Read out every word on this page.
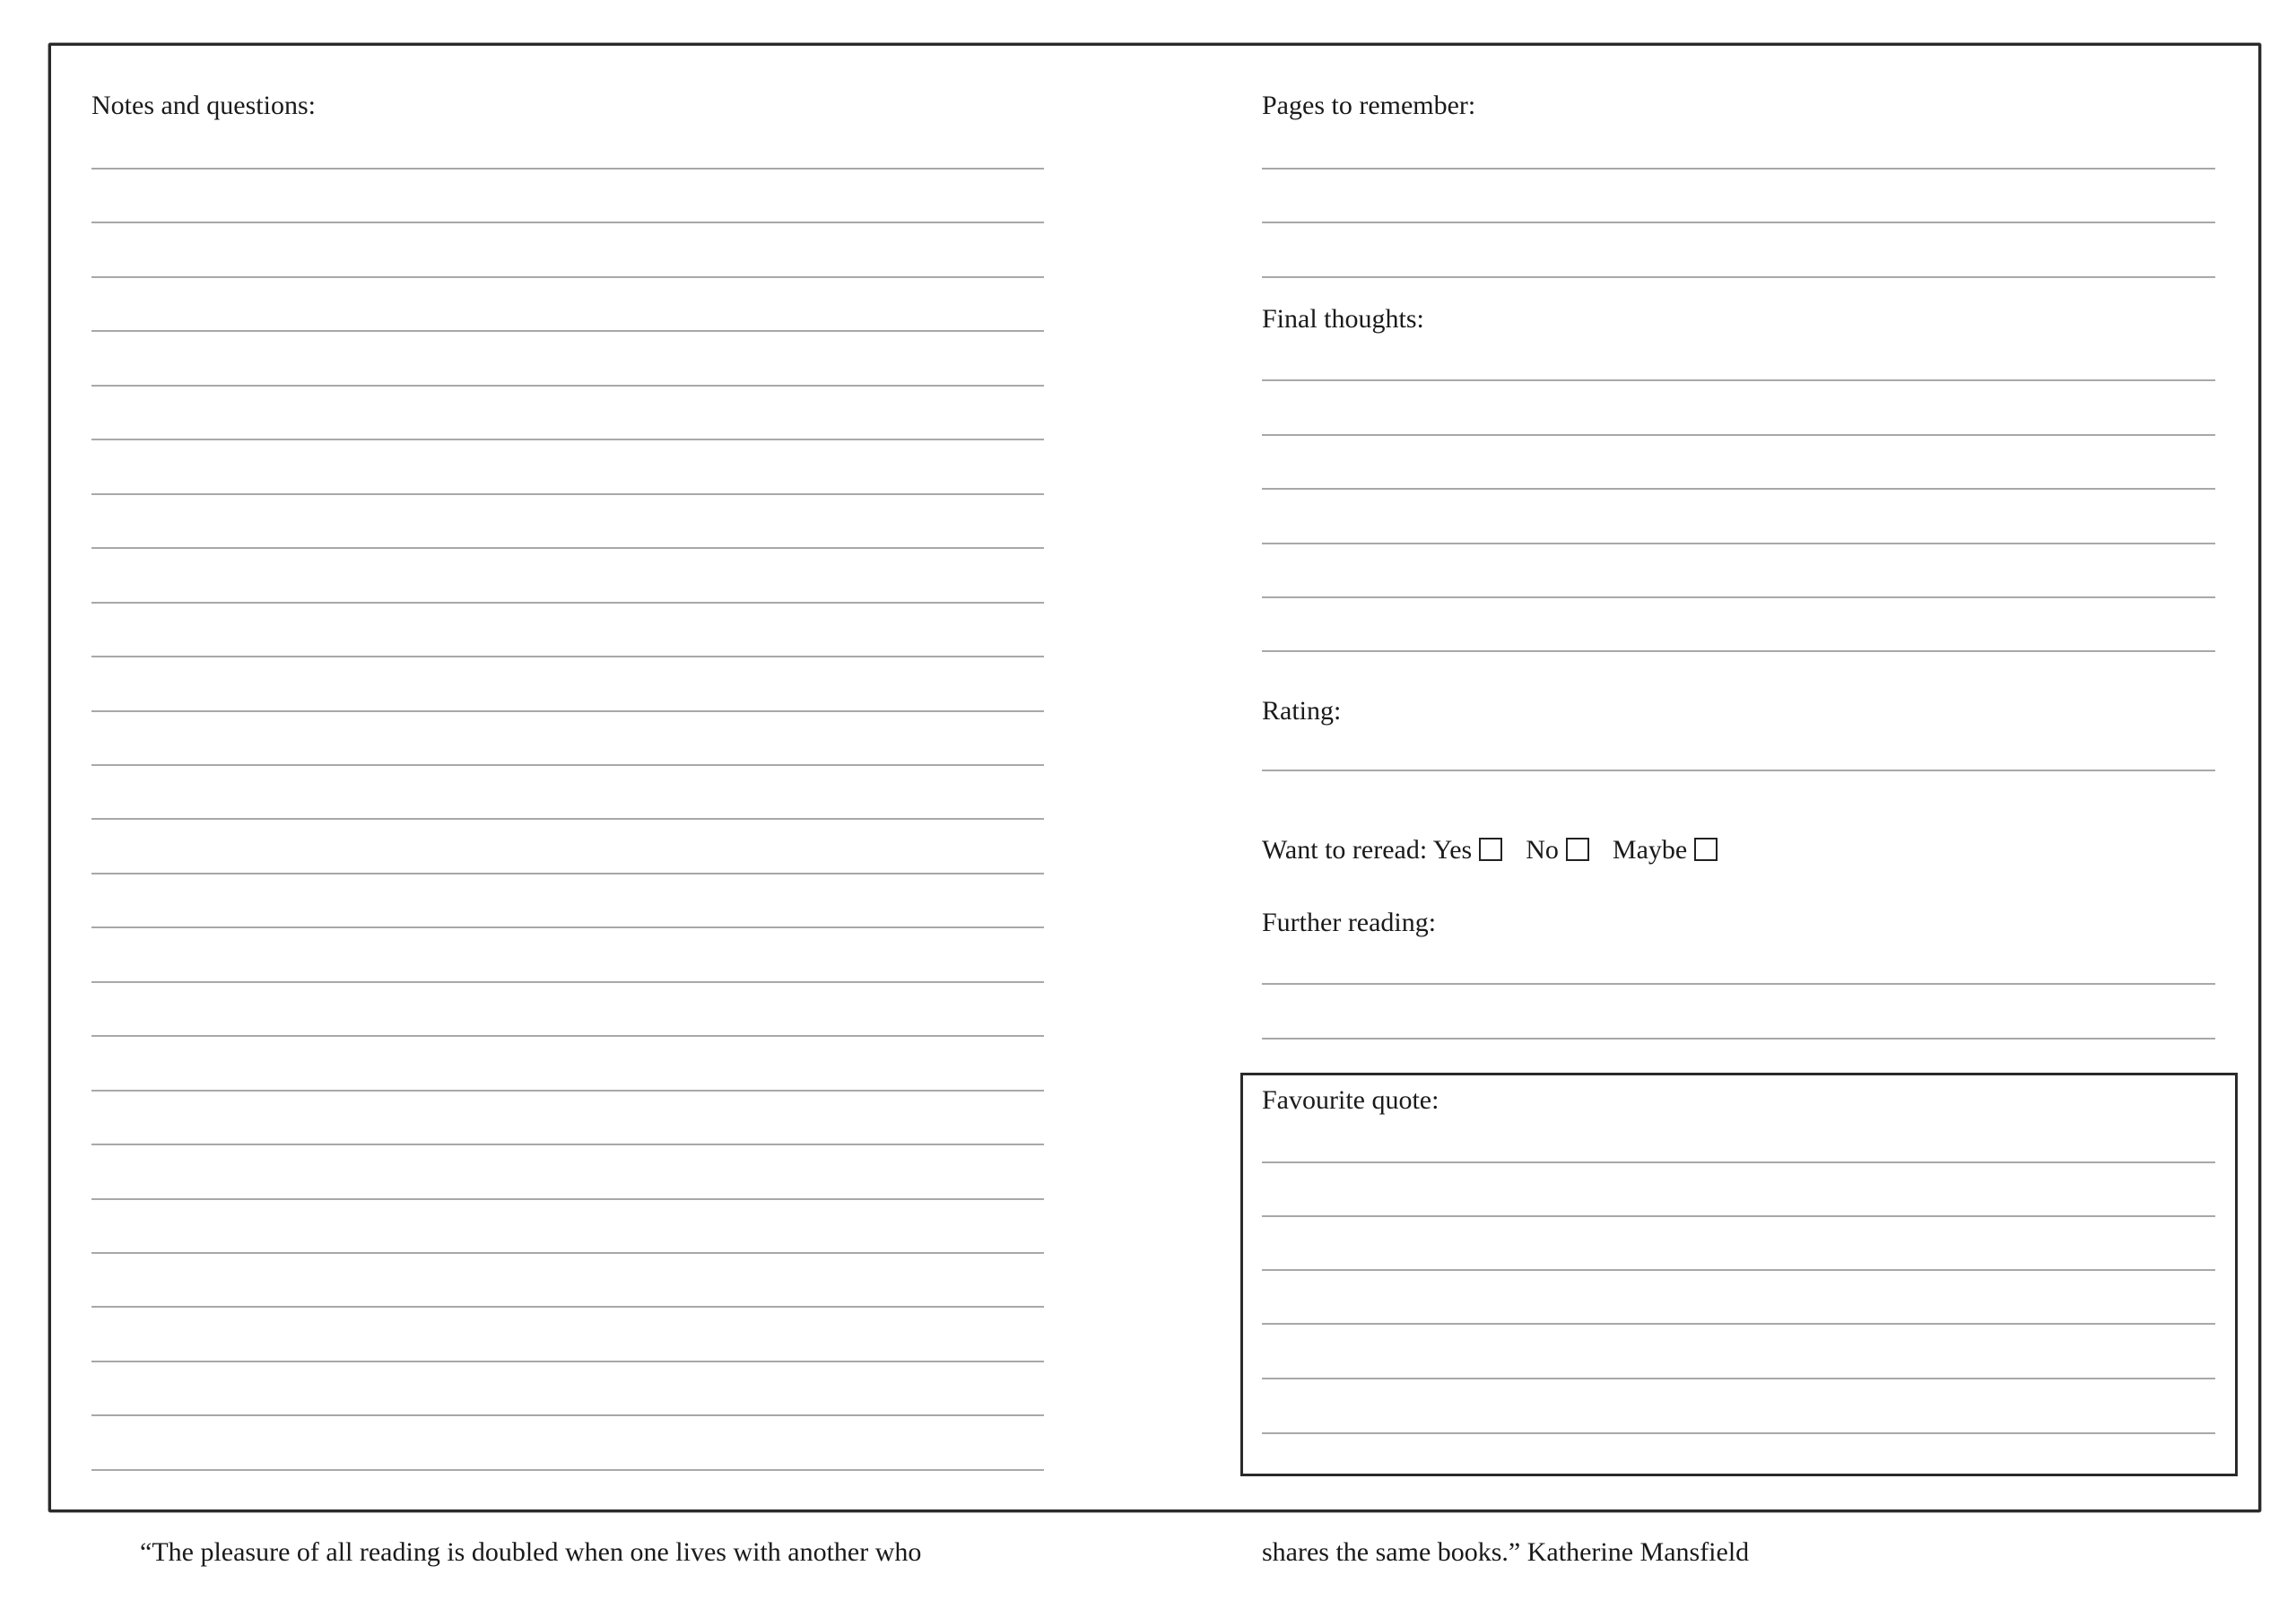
Notes and questions:	Pages to remember:
Final thoughts:
Rating:
Want to reread: Yes No Maybe
Further reading:
Favourite quote:
“The pleasure of all reading is doubled when one lives with another who	shares the same books.” Katherine Mansfield
